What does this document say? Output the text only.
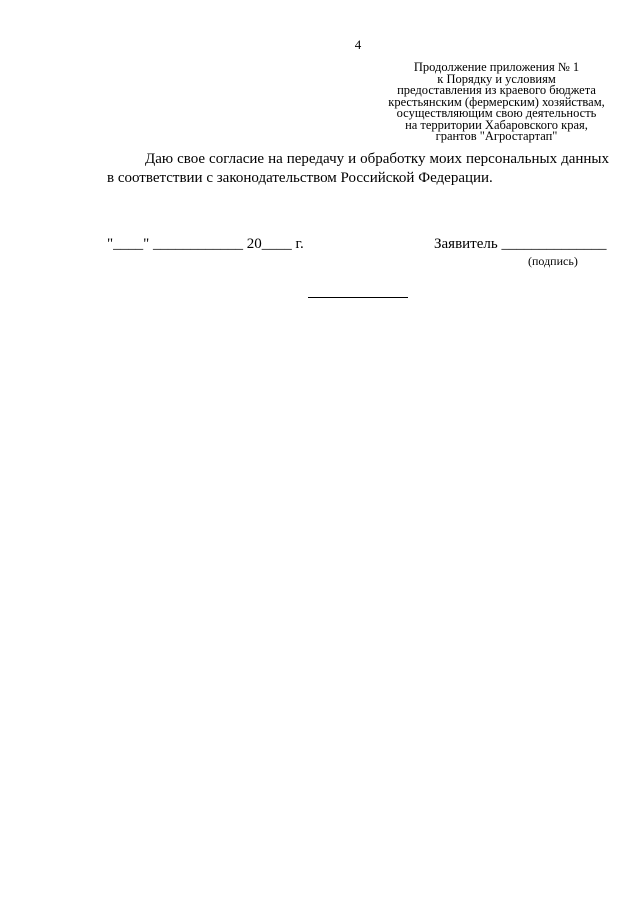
4
Продолжение приложения № 1
к Порядку и условиям
предоставления из краевого бюджета
крестьянским (фермерским) хозяйствам,
осуществляющим свою деятельность
на территории Хабаровского края,
грантов "Агростартап"
Даю свое согласие на передачу и обработку моих персональных данных в соответствии с законодательством Российской Федерации.
"____" ____________ 20____ г.	Заявитель ______________
(подпись)
